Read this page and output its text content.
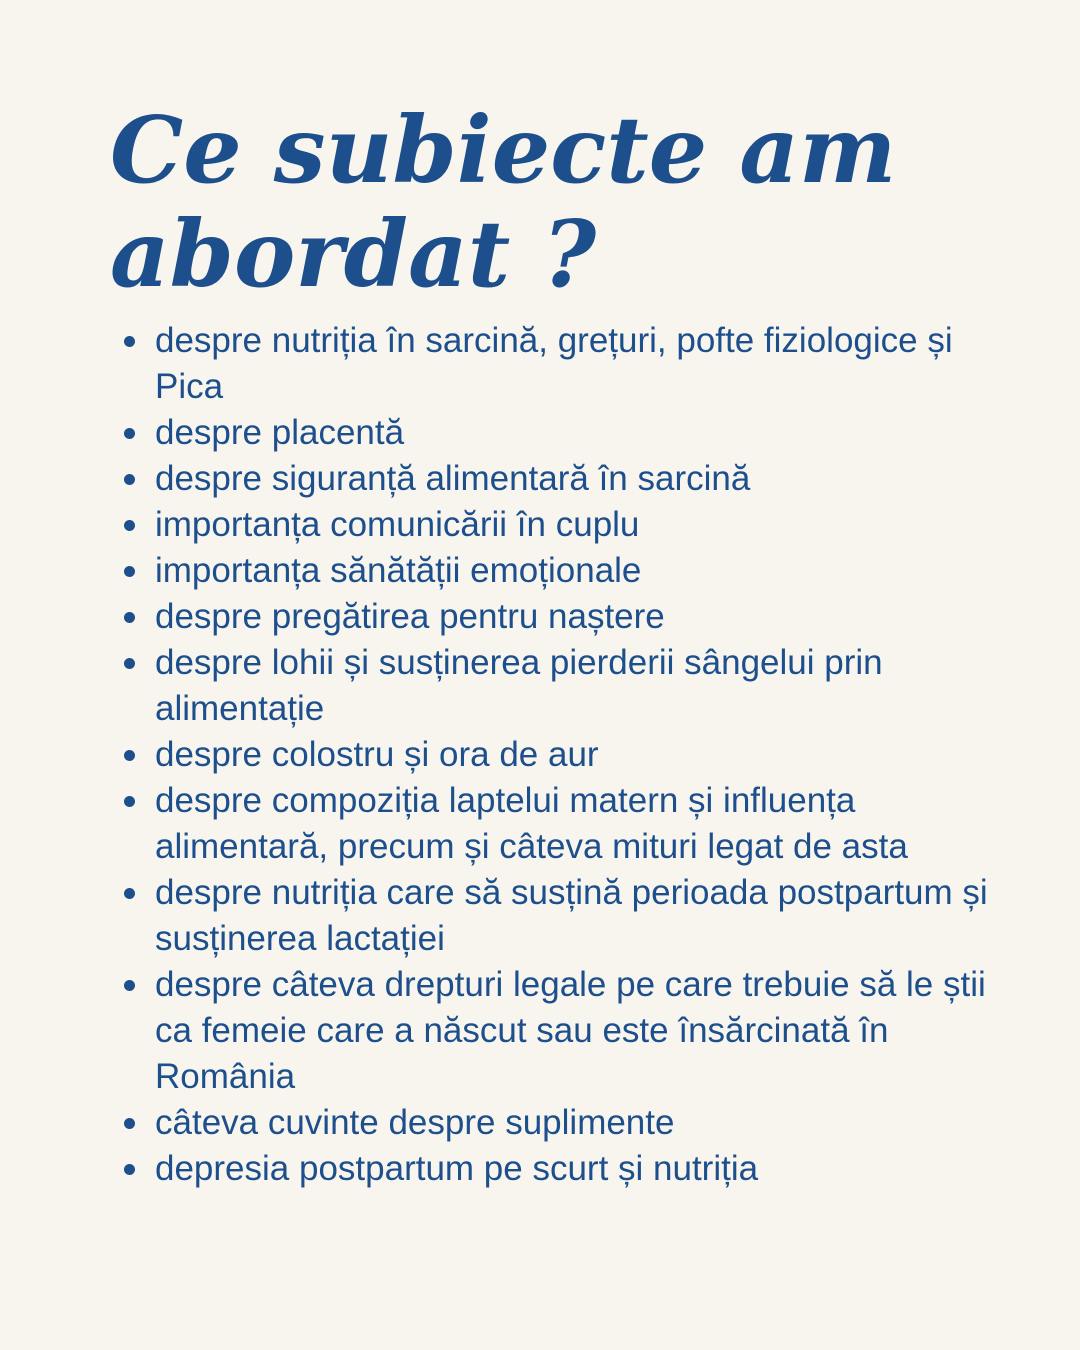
Ce subiecte am abordat ?
despre nutriția în sarcină, grețuri, pofte fiziologice și Pica
despre placentă
despre siguranță alimentară în sarcină
importanța comunicării în cuplu
importanța sănătății emoționale
despre pregătirea pentru naștere
despre lohii și susținerea pierderii sângelui prin alimentație
despre colostru și ora de aur
despre compoziția laptelui matern și influența alimentară, precum și câteva mituri legat de asta
despre nutriția care să susțină perioada postpartum și susținerea lactației
despre câteva drepturi legale pe care trebuie să le știi ca femeie care a născut sau este însărcinată în România
câteva cuvinte despre suplimente
depresia postpartum pe scurt și nutriția
